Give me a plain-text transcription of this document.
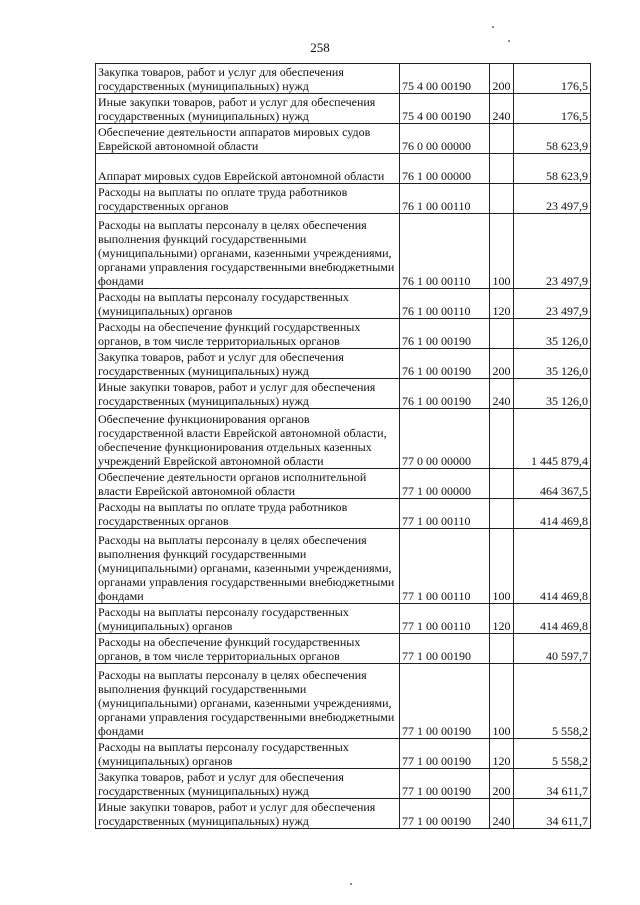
258
Закупка товаров, работ и услуг для обеспечения государственных (муниципальных) нужд	75 4 00 00190	200	176,5
Иные закупки товаров, работ и услуг для обеспечения государственных (муниципальных) нужд	75 4 00 00190	240	176,5
Обеспечение деятельности аппаратов мировых судов Еврейской автономной области	76 0 00 00000		58 623,9
Аппарат мировых судов Еврейской автономной области	76 1 00 00000		58 623,9
Расходы на выплаты по оплате труда работников государственных органов	76 1 00 00110		23 497,9
Расходы на выплаты персоналу в целях обеспечения выполнения функций государственными (муниципальными) органами, казенными учреждениями, органами управления государственными внебюджетными фондами	76 1 00 00110	100	23 497,9
Расходы на выплаты персоналу государственных (муниципальных) органов	76 1 00 00110	120	23 497,9
Расходы на обеспечение функций государственных органов, в том числе территориальных органов	76 1 00 00190		35 126,0
Закупка товаров, работ и услуг для обеспечения государственных (муниципальных) нужд	76 1 00 00190	200	35 126,0
Иные закупки товаров, работ и услуг для обеспечения государственных (муниципальных) нужд	76 1 00 00190	240	35 126,0
Обеспечение функционирования органов государственной власти Еврейской автономной области, обеспечение функционирования отдельных казенных учреждений Еврейской автономной области	77 0 00 00000		1 445 879,4
Обеспечение деятельности органов исполнительной власти Еврейской автономной области	77 1 00 00000		464 367,5
Расходы на выплаты по оплате труда работников государственных органов	77 1 00 00110		414 469,8
Расходы на выплаты персоналу в целях обеспечения выполнения функций государственными (муниципальными) органами, казенными учреждениями, органами управления государственными внебюджетными фондами	77 1 00 00110	100	414 469,8
Расходы на выплаты персоналу государственных (муниципальных) органов	77 1 00 00110	120	414 469,8
Расходы на обеспечение функций государственных органов, в том числе территориальных органов	77 1 00 00190		40 597,7
Расходы на выплаты персоналу в целях обеспечения выполнения функций государственными (муниципальными) органами, казенными учреждениями, органами управления государственными внебюджетными фондами	77 1 00 00190	100	5 558,2
Расходы на выплаты персоналу государственных (муниципальных) органов	77 1 00 00190	120	5 558,2
Закупка товаров, работ и услуг для обеспечения государственных (муниципальных) нужд	77 1 00 00190	200	34 611,7
Иные закупки товаров, работ и услуг для обеспечения государственных (муниципальных) нужд	77 1 00 00190	240	34 611,7
